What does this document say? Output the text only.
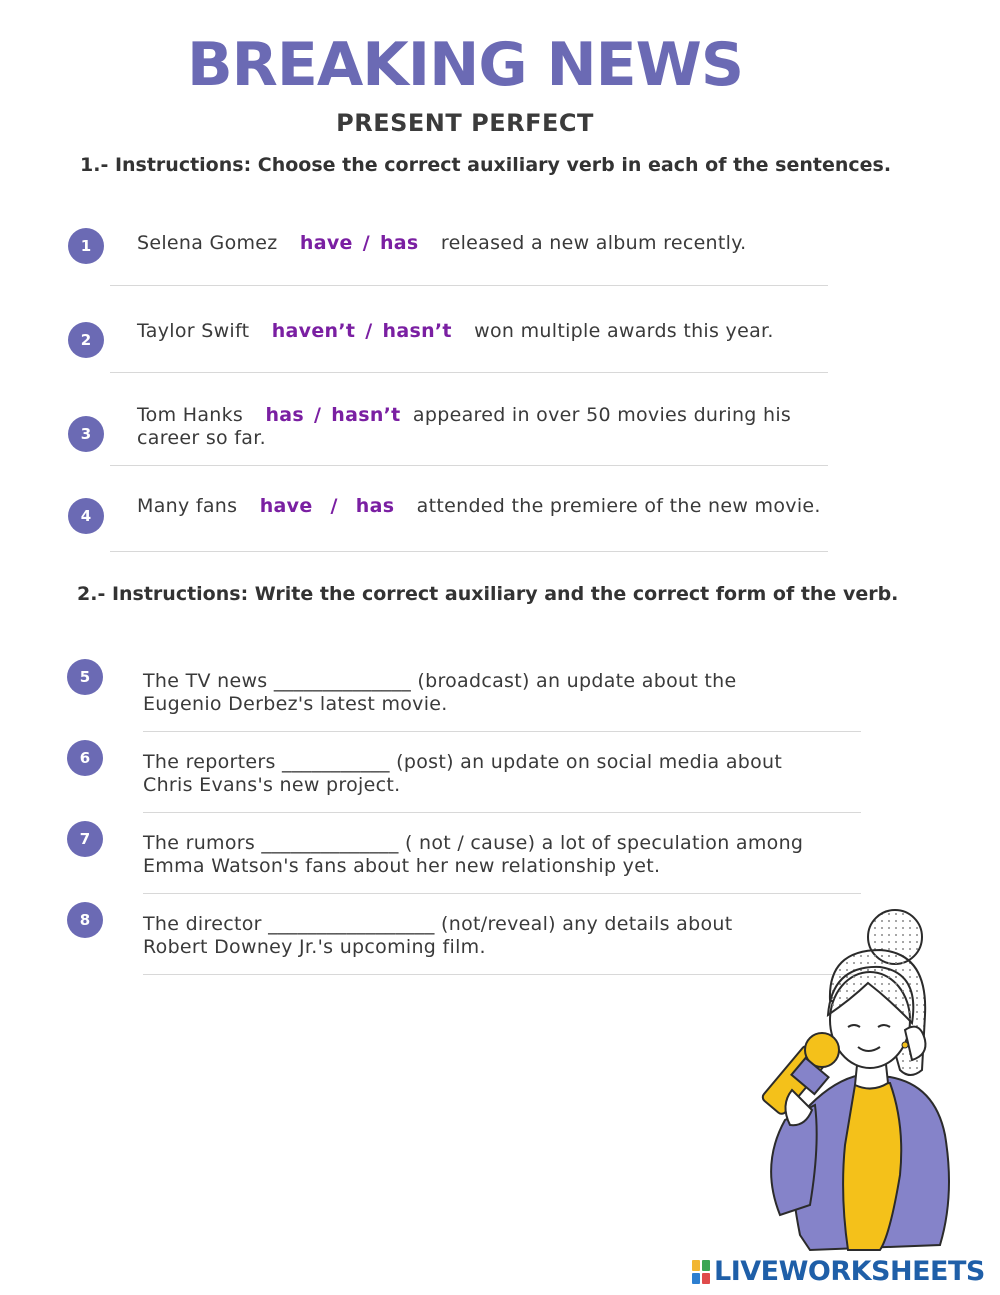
BREAKING NEWS
PRESENT PERFECT
1.- Instructions: Choose the correct auxiliary verb in each of the sentences.
1	Selena Gomez have / has released a new album recently.
2	Taylor Swift haven’t / hasn’t won multiple awards this year.
3
Tom Hanks has / hasn’t appeared in over 50 movies during his
career so far.
4	Many fans have / has attended the premiere of the new movie.
2.- Instructions: Write the correct auxiliary and the correct form of the verb.
5	The TV news ______________ (broadcast) an update about the
Eugenio Derbez's latest movie.
6	The reporters ___________ (post) an update on social media about
Chris Evans's new project.
7	The rumors ______________ ( not / cause) a lot of speculation among
Emma Watson's fans about her new relationship yet.
8	The director _________________ (not/reveal) any details about
Robert Downey Jr.'s upcoming film.
LIVEWORKSHEETS
